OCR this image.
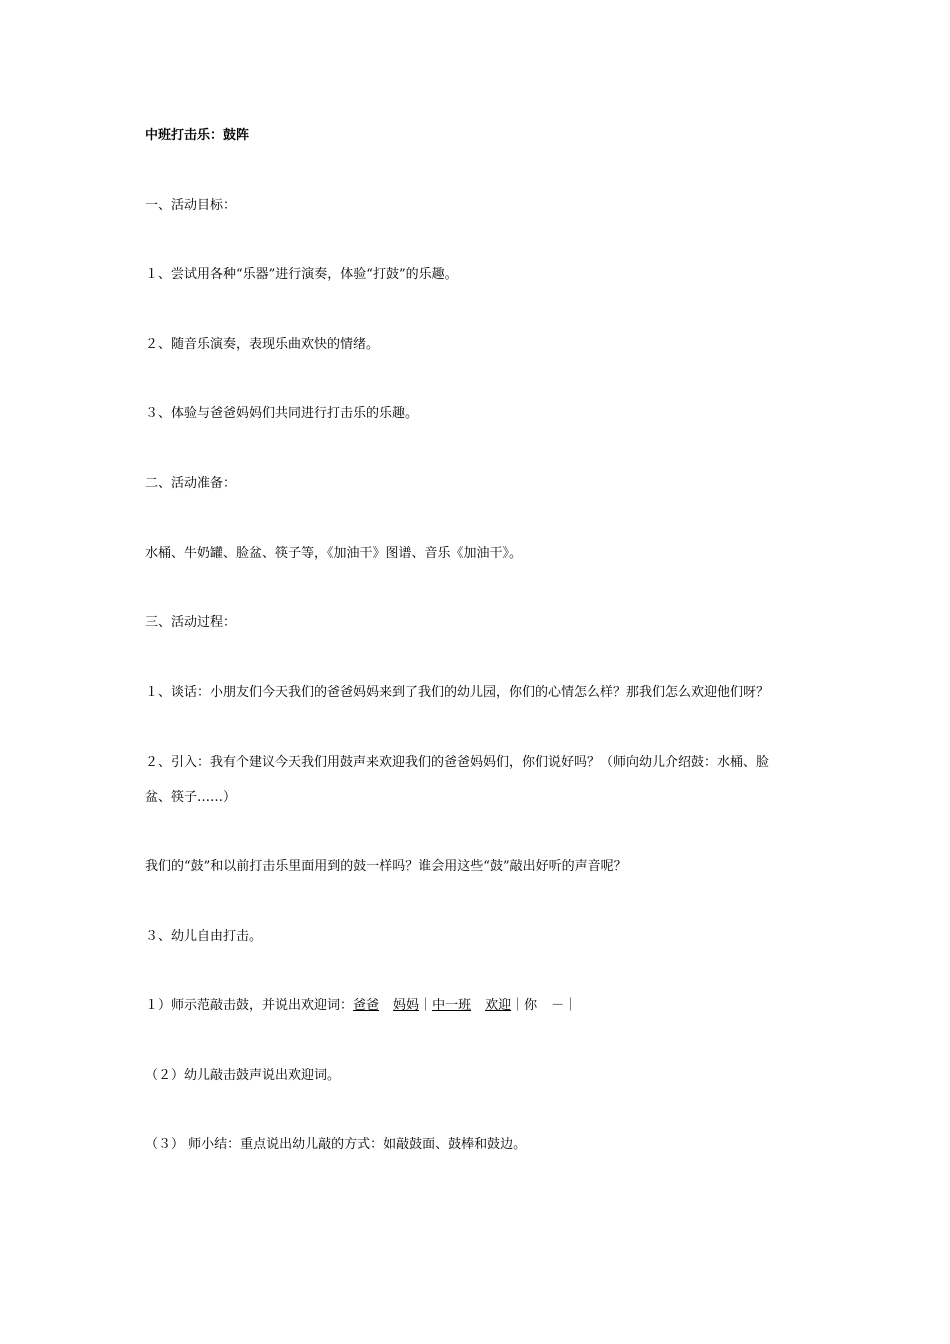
中班打击乐：鼓阵
一、活动目标：
１、尝试用各种“乐器”进行演奏，体验“打鼓”的乐趣。
２、随音乐演奏，表现乐曲欢快的情绪。
３、体验与爸爸妈妈们共同进行打击乐的乐趣。
二、活动准备：
水桶、牛奶罐、脸盆、筷子等，《加油干》图谱、音乐《加油干》。
三、活动过程：
１、谈话：小朋友们今天我们的爸爸妈妈来到了我们的幼儿园，你们的心情怎么样？那我们怎么欢迎他们呀？
２、引入：我有个建议今天我们用鼓声来欢迎我们的爸爸妈妈们，你们说好吗？（师向幼儿介绍鼓：水桶、脸
盆、筷子……）
我们的“鼓”和以前打击乐里面用到的鼓一样吗？谁会用这些“鼓”敲出好听的声音呢？
３、幼儿自由打击。
１）师示范敲击鼓，并说出欢迎词：爸爸 妈妈｜中一班 欢迎｜你 －｜
（２）幼儿敲击鼓声说出欢迎词。
（３） 师小结：重点说出幼儿敲的方式：如敲鼓面、鼓棒和鼓边。
